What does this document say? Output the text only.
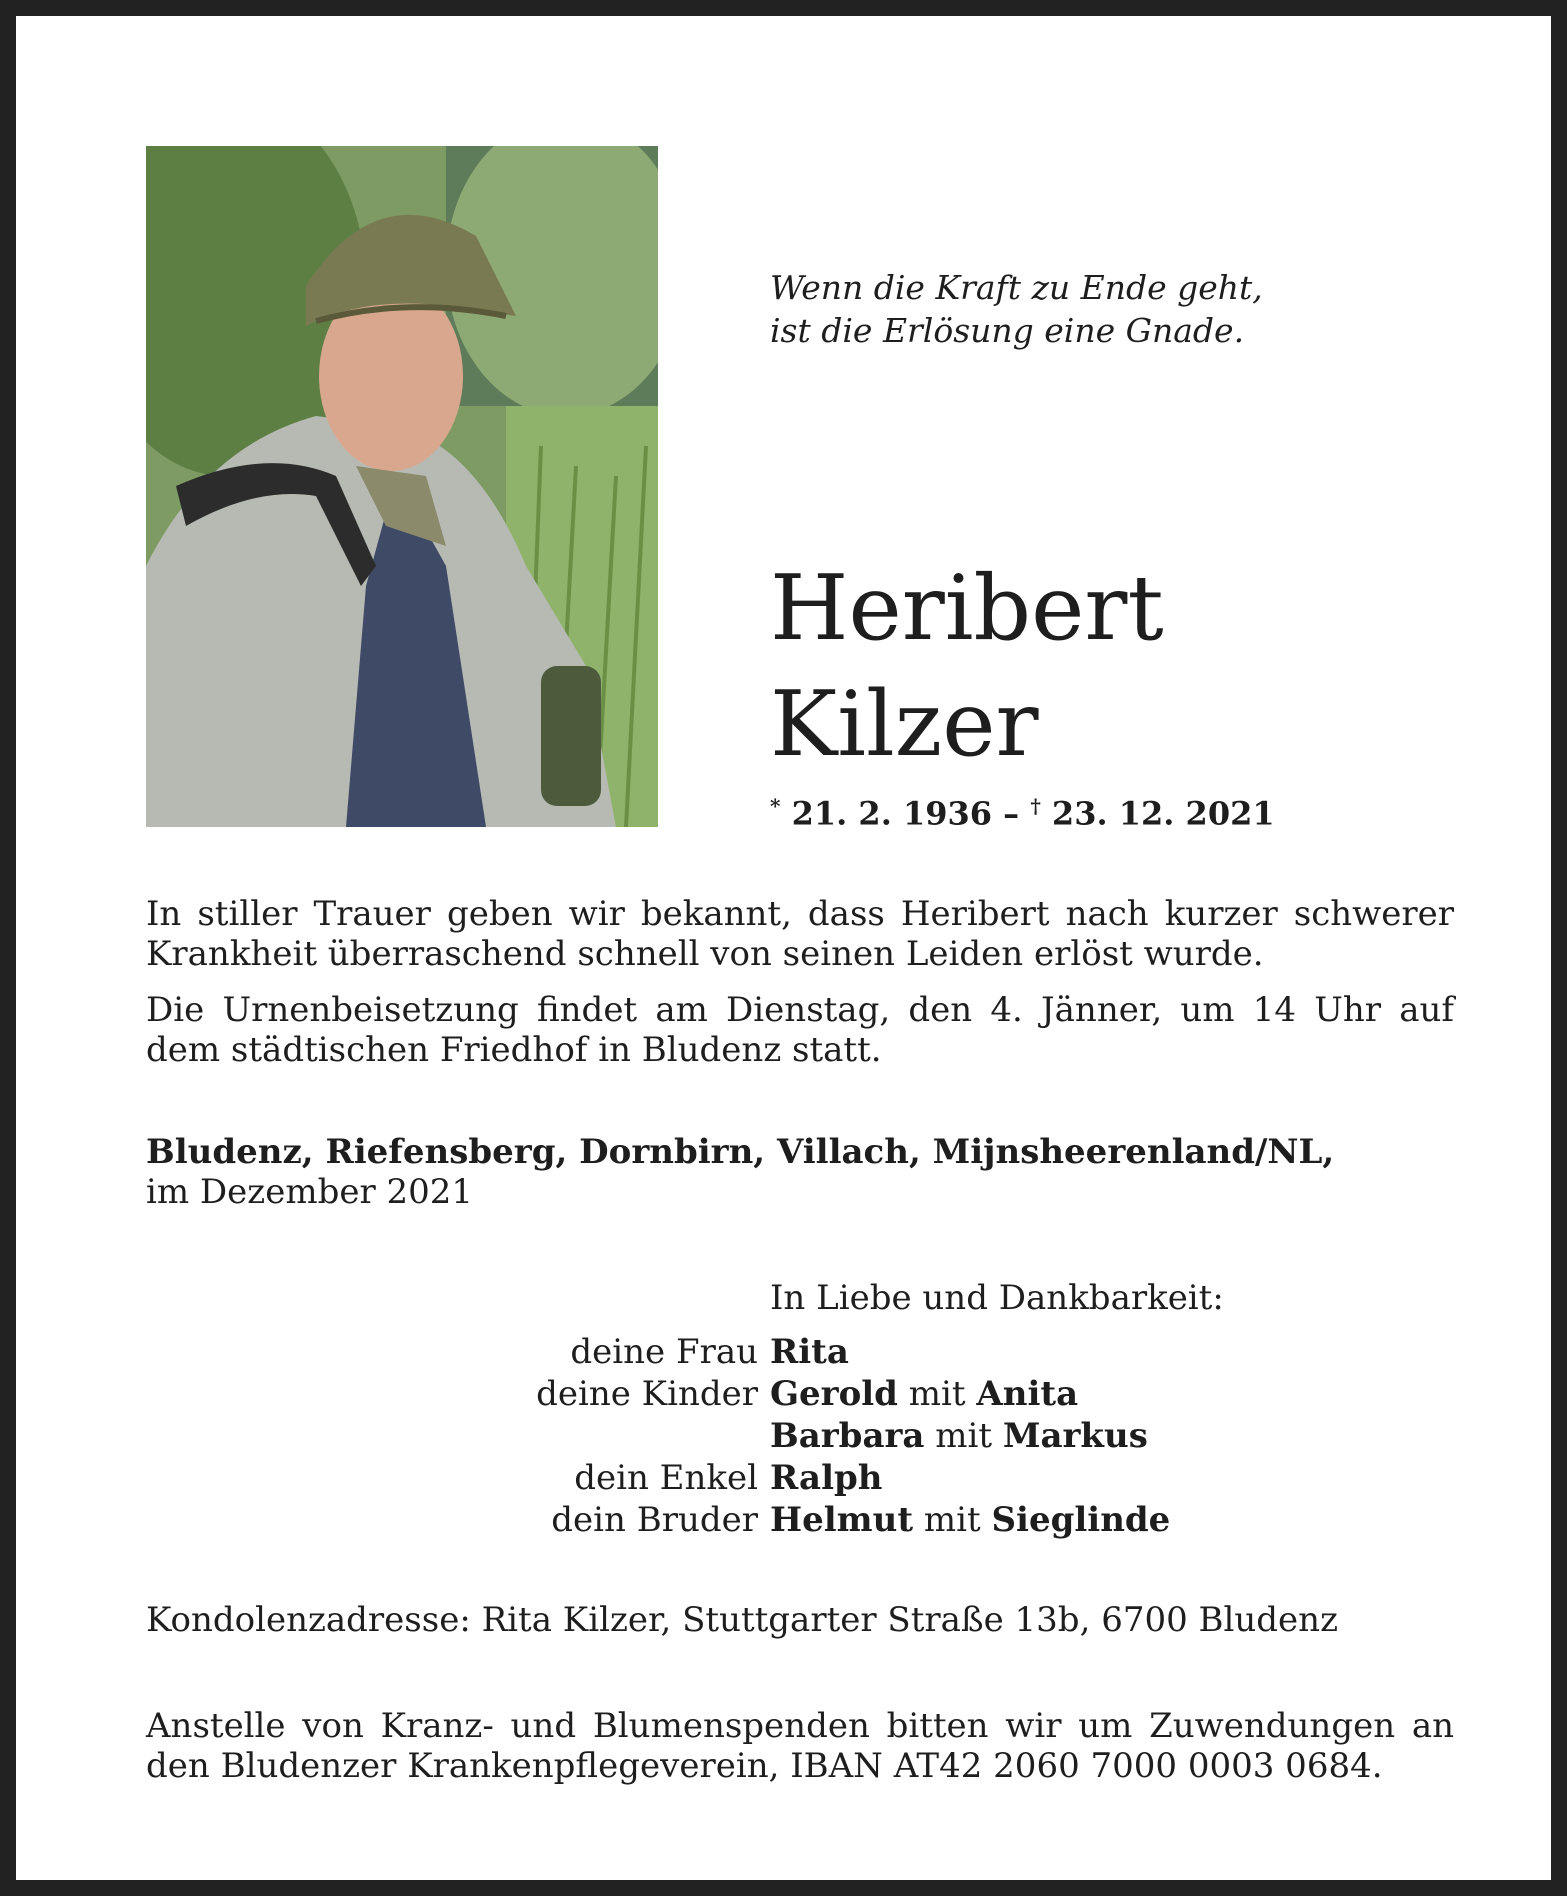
Wenn die Kraft zu Ende geht,
ist die Erlösung eine Gnade.
Heribert
Kilzer
* 21. 2. 1936 – † 23. 12. 2021
In stiller Trauer geben wir bekannt, dass Heribert nach kurzer schwerer Krankheit überraschend schnell von seinen Leiden erlöst wurde.
Die Urnenbeisetzung findet am Dienstag, den 4. Jänner, um 14 Uhr auf dem städtischen Friedhof in Bludenz statt.
Bludenz, Riefensberg, Dornbirn, Villach, Mijnsheerenland/NL,
im Dezember 2021
In Liebe und Dankbarkeit:
deine Frau	Rita
deine Kinder	Gerold mit Anita
	Barbara mit Markus
dein Enkel	Ralph
dein Bruder	Helmut mit Sieglinde
Kondolenzadresse: Rita Kilzer, Stuttgarter Straße 13b, 6700 Bludenz
Anstelle von Kranz- und Blumenspenden bitten wir um Zuwendungen an den Bludenzer Krankenpflegeverein, IBAN AT42 2060 7000 0003 0684.
